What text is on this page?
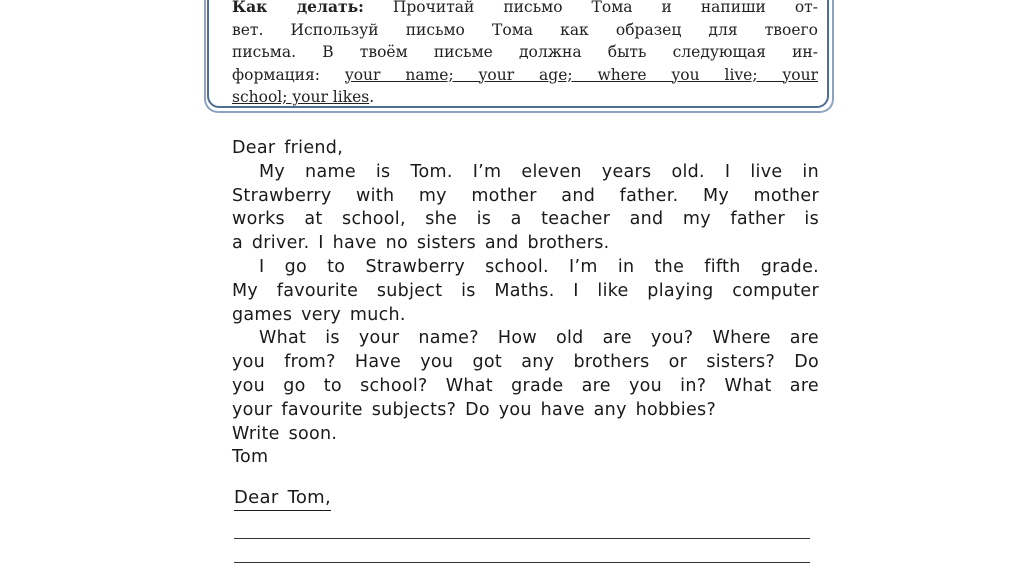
Как делать: Прочитай письмо Тома и напиши от-
вет. Используй письмо Тома как образец для твоего
письма. В твоём письме должна быть следующая ин-
формация: your name; your age; where you live; your
school; your likes.
Dear friend,
My name is Tom. I’m eleven years old. I live in
Strawberry with my mother and father. My mother
works at school, she is a teacher and my father is
a driver. I have no sisters and brothers.
I go to Strawberry school. I’m in the fifth grade.
My favourite subject is Maths. I like playing computer
games very much.
What is your name? How old are you? Where are
you from? Have you got any brothers or sisters? Do
you go to school? What grade are you in? What are
your favourite subjects? Do you have any hobbies?
Write soon.
Tom
Dear Tom,
